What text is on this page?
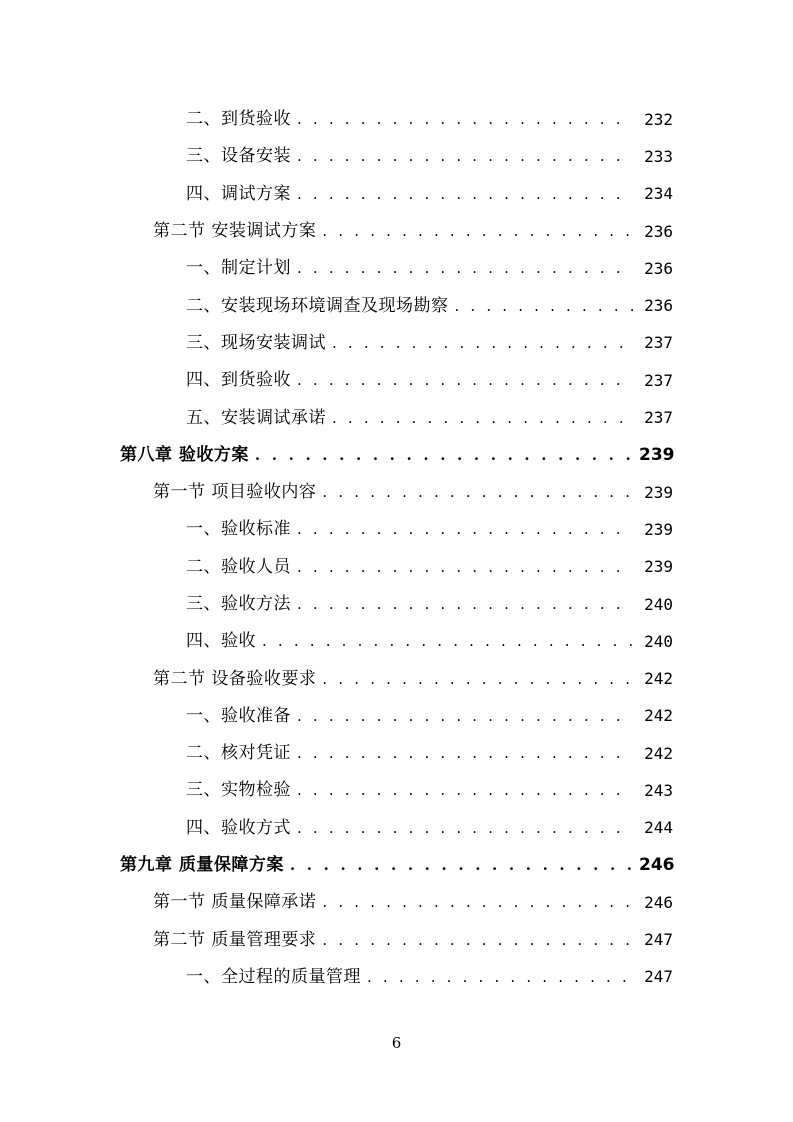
二、到货验收 . . .	232
三、设备安装 . . .	233
四、调试方案 . . .	234
第二节 安装调试方案 . . .	236
一、制定计划 . . .	236
二、安装现场环境调查及现场勘察 . . .	236
三、现场安装调试 . . .	237
四、到货验收 . . .	237
五、安装调试承诺 . . .	237
第八章 验收方案 . . .	239
第一节 项目验收内容 . . .	239
一、验收标准 . . .	239
二、验收人员 . . .	239
三、验收方法 . . .	240
四、验收 . . .	240
第二节 设备验收要求 . . .	242
一、验收准备 . . .	242
二、核对凭证 . . .	242
三、实物检验 . . .	243
四、验收方式 . . .	244
第九章 质量保障方案 . . .	246
第一节 质量保障承诺 . . .	246
第二节 质量管理要求 . . .	247
一、全过程的质量管理 . . .	247
6
